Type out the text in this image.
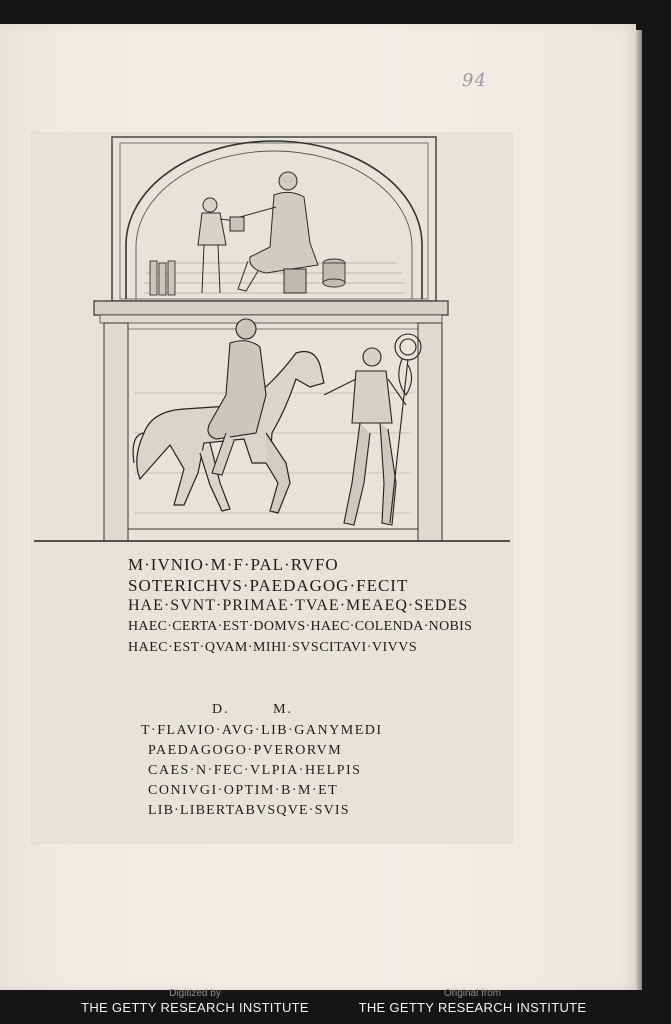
94
M·IVNIO·M·F·PAL·RVFO
SOTERICHVS·PAEDAGOG·FECIT
HAE·SVNT·PRIMAE·TVAE·MEAEQ·SEDES
HAEC·CERTA·EST·DOMVS·HAEC·COLENDA·NOBIS
HAEC·EST·QVAM·MIHI·SVSCITAVI·VIVVS
D. M.
T·FLAVIO·AVG·LIB·GANYMEDI
PAEDAGOGO·PVERORVM
CAES·N·FEC·VLPIA·HELPIS
CONIVGI·OPTIM·B·M·ET
LIB·LIBERTABVSQVE·SVIS
Digitized by
THE GETTY RESEARCH INSTITUTE
Original from
THE GETTY RESEARCH INSTITUTE
